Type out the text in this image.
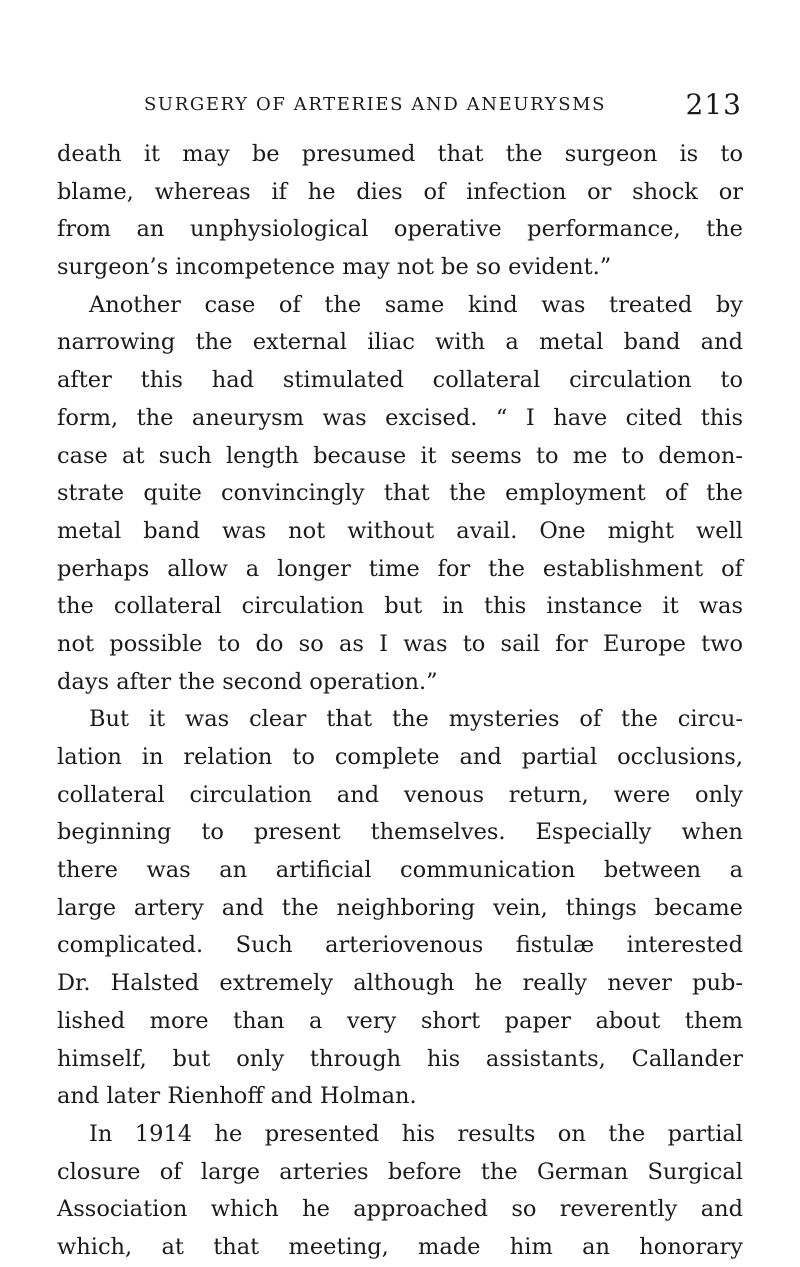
SURGERY OF ARTERIES AND ANEURYSMS	213
death it may be presumed that the surgeon is to
blame, whereas if he dies of infection or shock or
from an unphysiological operative performance, the
surgeon’s incompetence may not be so evident.”
Another case of the same kind was treated by
narrowing the external iliac with a metal band and
after this had stimulated collateral circulation to
form, the aneurysm was excised. “ I have cited this
case at such length because it seems to me to demon-
strate quite convincingly that the employment of the
metal band was not without avail. One might well
perhaps allow a longer time for the establishment of
the collateral circulation but in this instance it was
not possible to do so as I was to sail for Europe two
days after the second operation.”
But it was clear that the mysteries of the circu-
lation in relation to complete and partial occlusions,
collateral circulation and venous return, were only
beginning to present themselves. Especially when
there was an artificial communication between a
large artery and the neighboring vein, things became
complicated. Such arteriovenous fistulæ interested
Dr. Halsted extremely although he really never pub-
lished more than a very short paper about them
himself, but only through his assistants, Callander
and later Rienhoff and Holman.
In 1914 he presented his results on the partial
closure of large arteries before the German Surgical
Association which he approached so reverently and
which, at that meeting, made him an honorary
